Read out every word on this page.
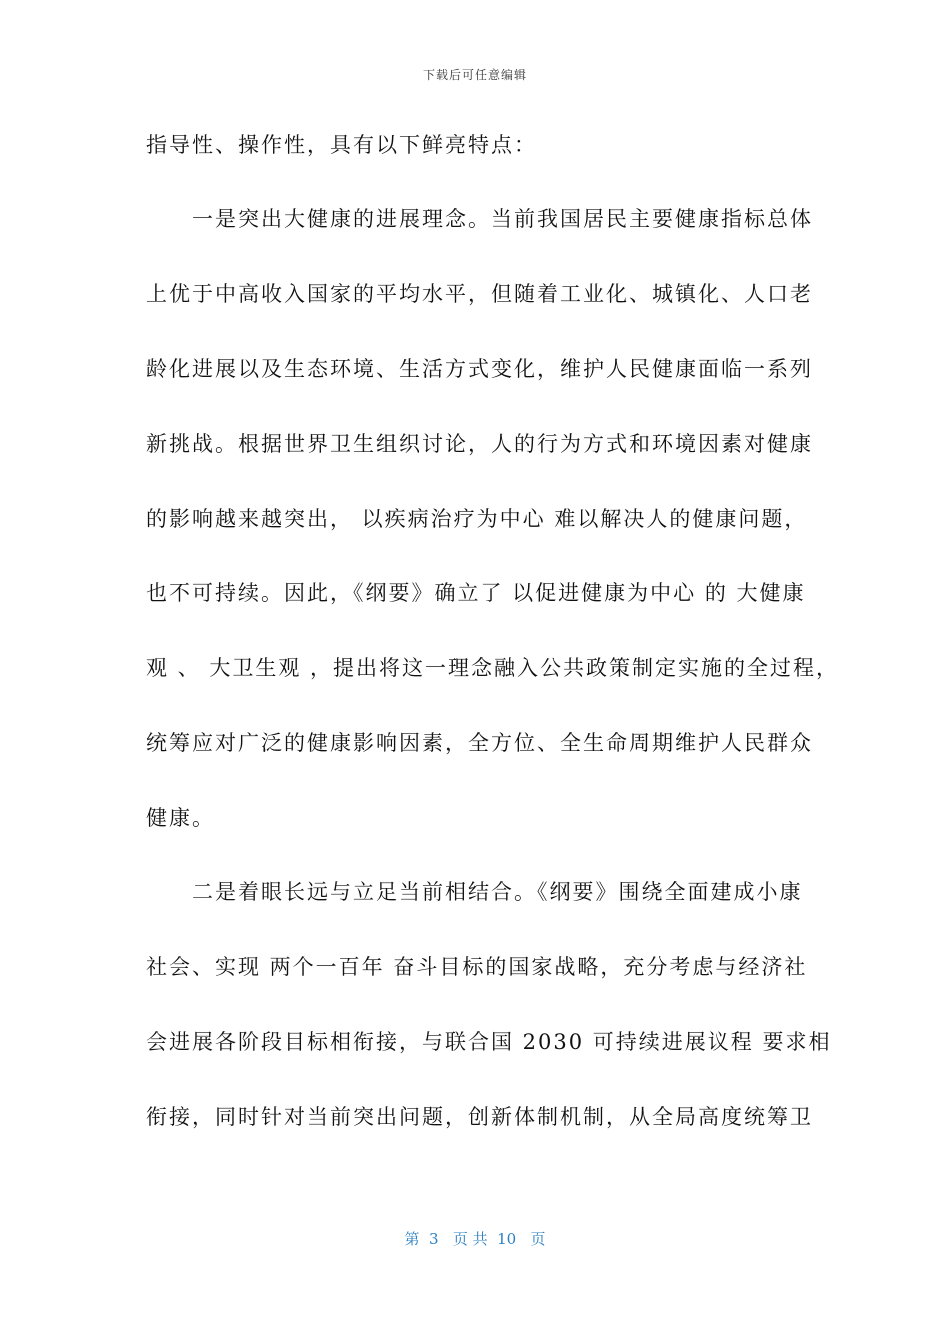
下载后可任意编辑
指导性、操作性，具有以下鲜亮特点：
　　一是突出大健康的进展理念。当前我国居民主要健康指标总体
上优于中高收入国家的平均水平，但随着工业化、城镇化、人口老
龄化进展以及生态环境、生活方式变化，维护人民健康面临一系列
新挑战。根据世界卫生组织讨论，人的行为方式和环境因素对健康
的影响越来越突出， 以疾病治疗为中心 难以解决人的健康问题，
也不可持续。因此，《纲要》确立了 以促进健康为中心 的 大健康
观 、 大卫生观 ，提出将这一理念融入公共政策制定实施的全过程，
统筹应对广泛的健康影响因素，全方位、全生命周期维护人民群众
健康。
　　二是着眼长远与立足当前相结合。《纲要》围绕全面建成小康
社会、实现 两个一百年 奋斗目标的国家战略，充分考虑与经济社
会进展各阶段目标相衔接，与联合国 2030 可持续进展议程 要求相
衔接，同时针对当前突出问题，创新体制机制，从全局高度统筹卫
第  3   页 共  10   页
